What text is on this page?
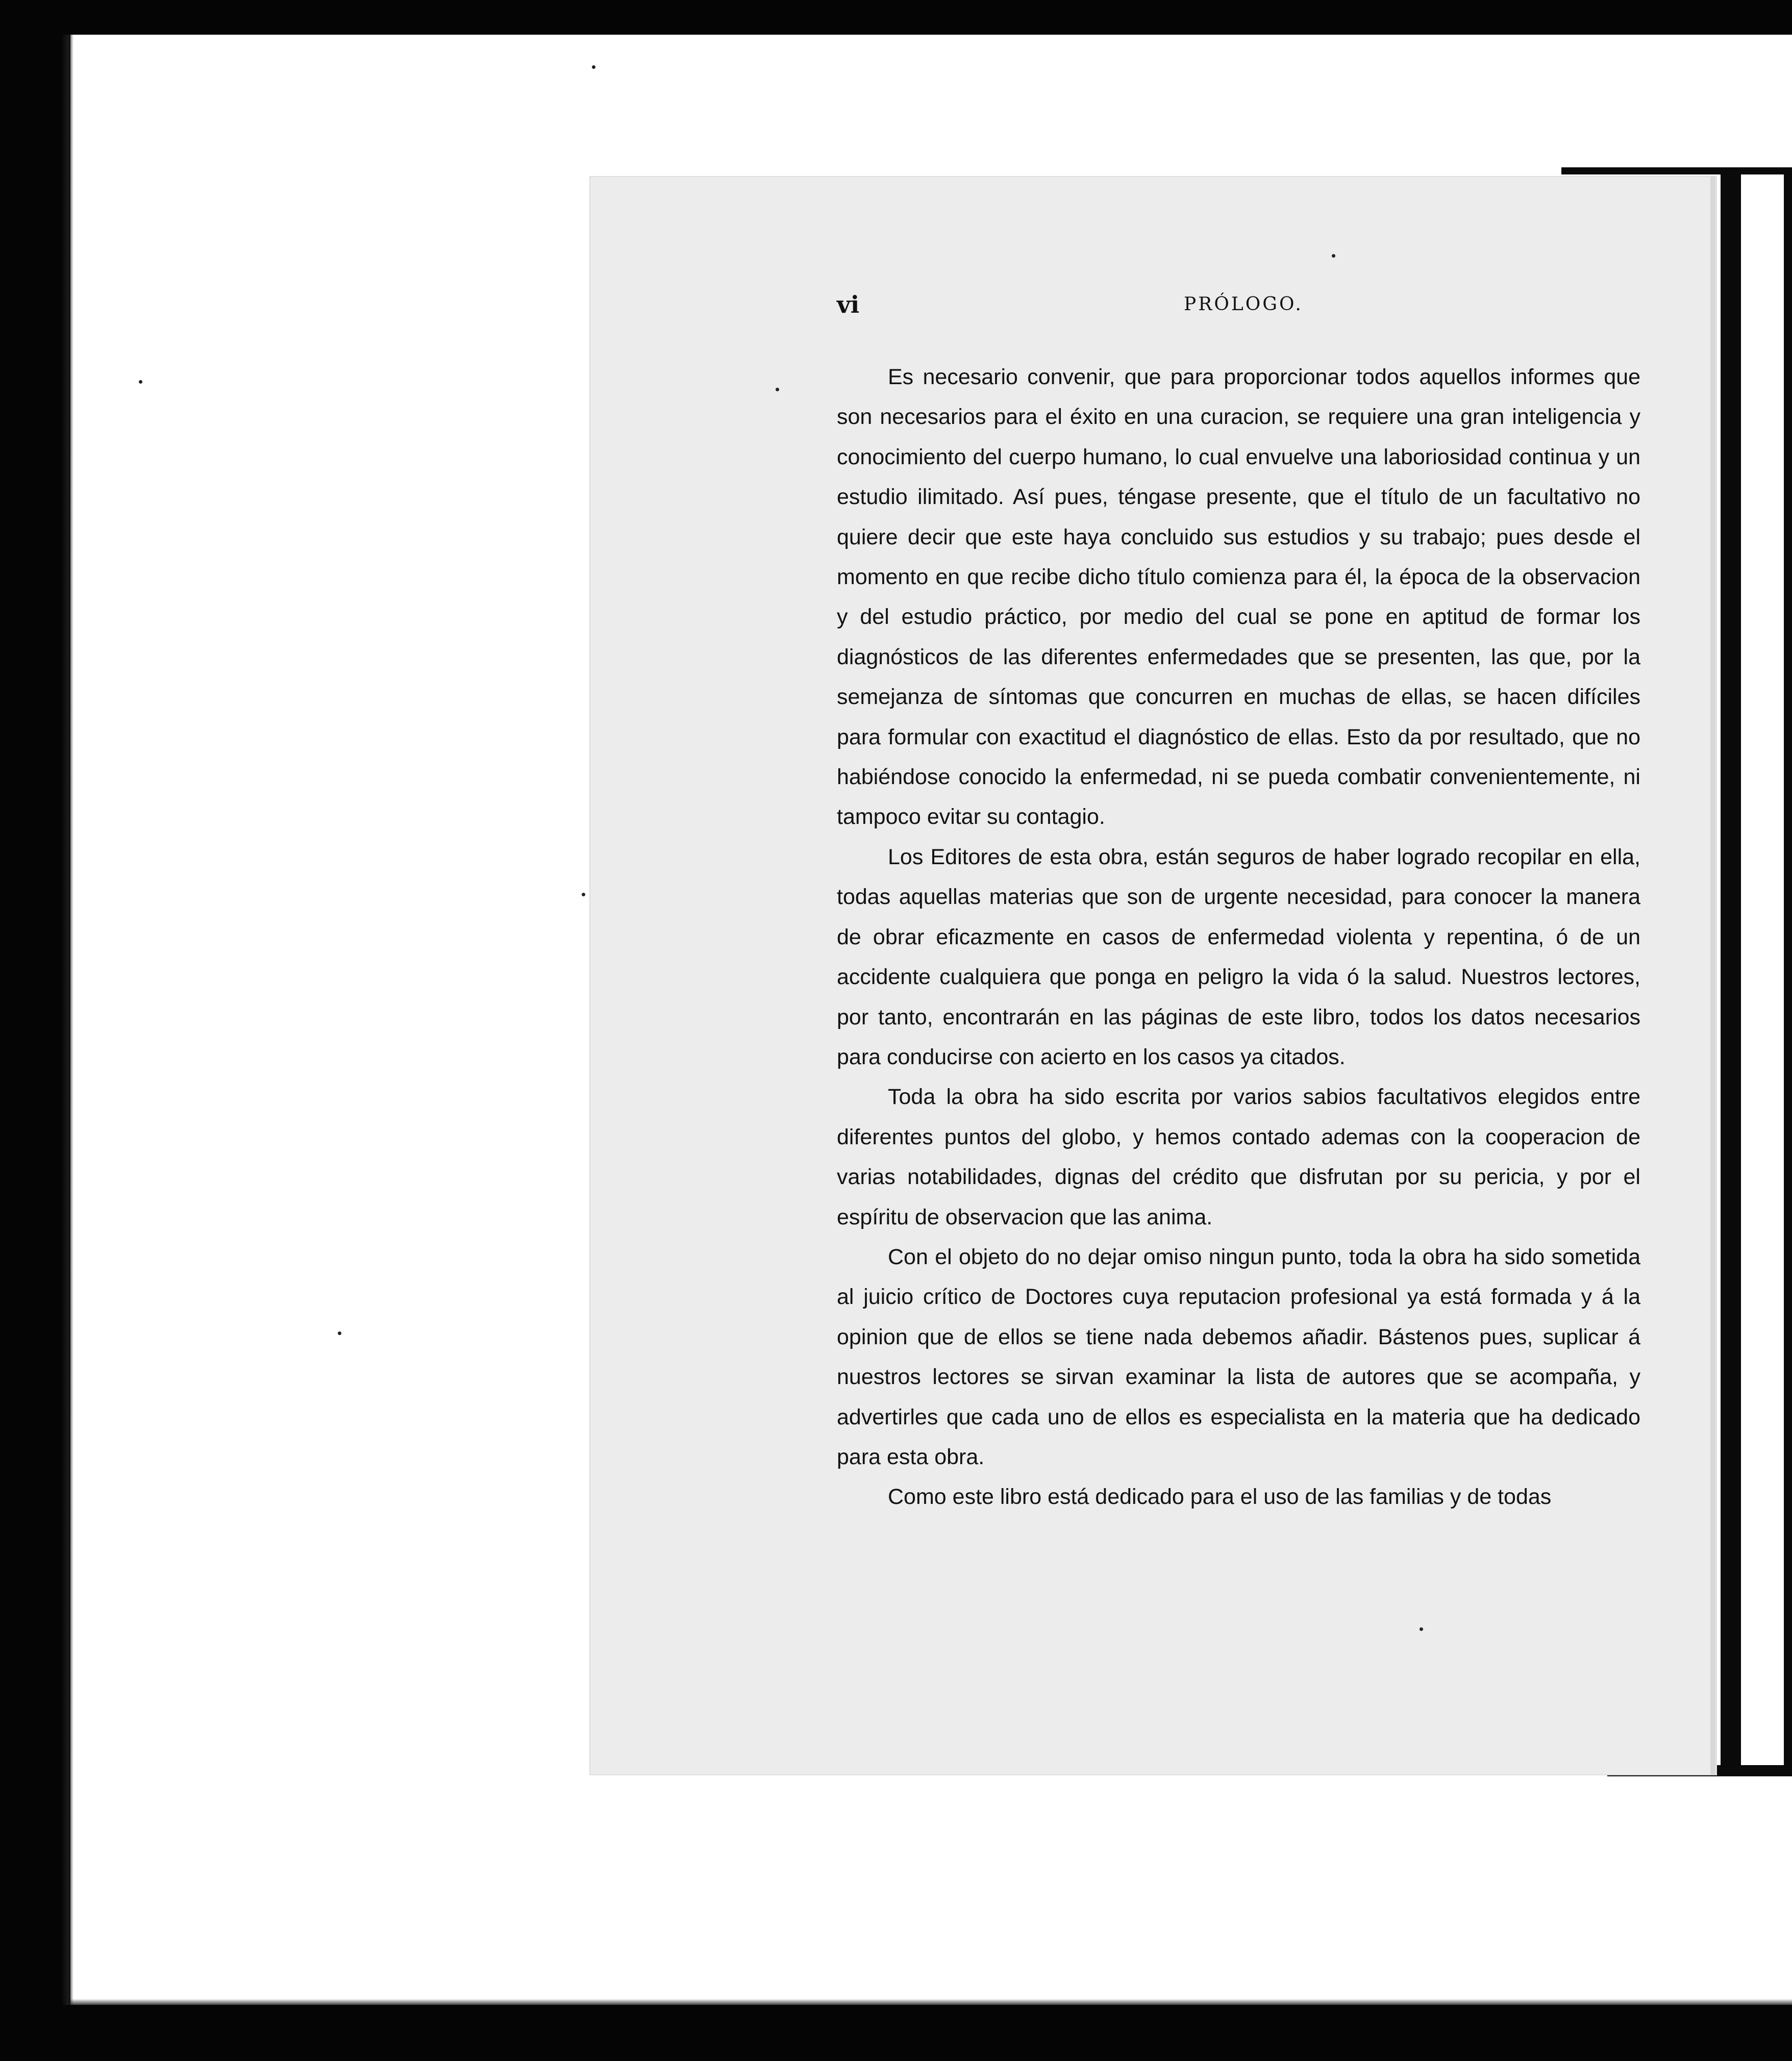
vi	PRÓLOGO.

Es necesario convenir, que para proporcionar todos aquellos informes que son necesarios para el éxito en una curacion, se requiere una gran inteligencia y conocimiento del cuerpo humano, lo cual envuelve una laboriosidad continua y un estudio ilimitado. Así pues, téngase presente, que el título de un facultativo no quiere decir que este haya concluido sus estudios y su trabajo; pues desde el momento en que recibe dicho título comienza para él, la época de la observacion y del estudio práctico, por medio del cual se pone en aptitud de formar los diagnósticos de las diferentes enfermedades que se presenten, las que, por la semejanza de síntomas que concurren en muchas de ellas, se hacen difíciles para formular con exactitud el diagnóstico de ellas. Esto da por resultado, que no habiéndose conocido la enfermedad, ni se pueda combatir convenientemente, ni tampoco evitar su contagio.

Los Editores de esta obra, están seguros de haber logrado recopilar en ella, todas aquellas materias que son de urgente necesidad, para conocer la manera de obrar eficazmente en casos de enfermedad violenta y repentina, ó de un accidente cualquiera que ponga en peligro la vida ó la salud. Nuestros lectores, por tanto, encontrarán en las páginas de este libro, todos los datos necesarios para conducirse con acierto en los casos ya citados.

Toda la obra ha sido escrita por varios sabios facultativos elegidos entre diferentes puntos del globo, y hemos contado ademas con la cooperacion de varias notabilidades, dignas del crédito que disfrutan por su pericia, y por el espíritu de observacion que las anima.

Con el objeto do no dejar omiso ningun punto, toda la obra ha sido sometida al juicio crítico de Doctores cuya reputacion profesional ya está formada y á la opinion que de ellos se tiene nada debemos añadir. Bástenos pues, suplicar á nuestros lectores se sirvan examinar la lista de autores que se acompaña, y advertirles que cada uno de ellos es especialista en la materia que ha dedicado para esta obra.

Como este libro está dedicado para el uso de las familias y de todas
